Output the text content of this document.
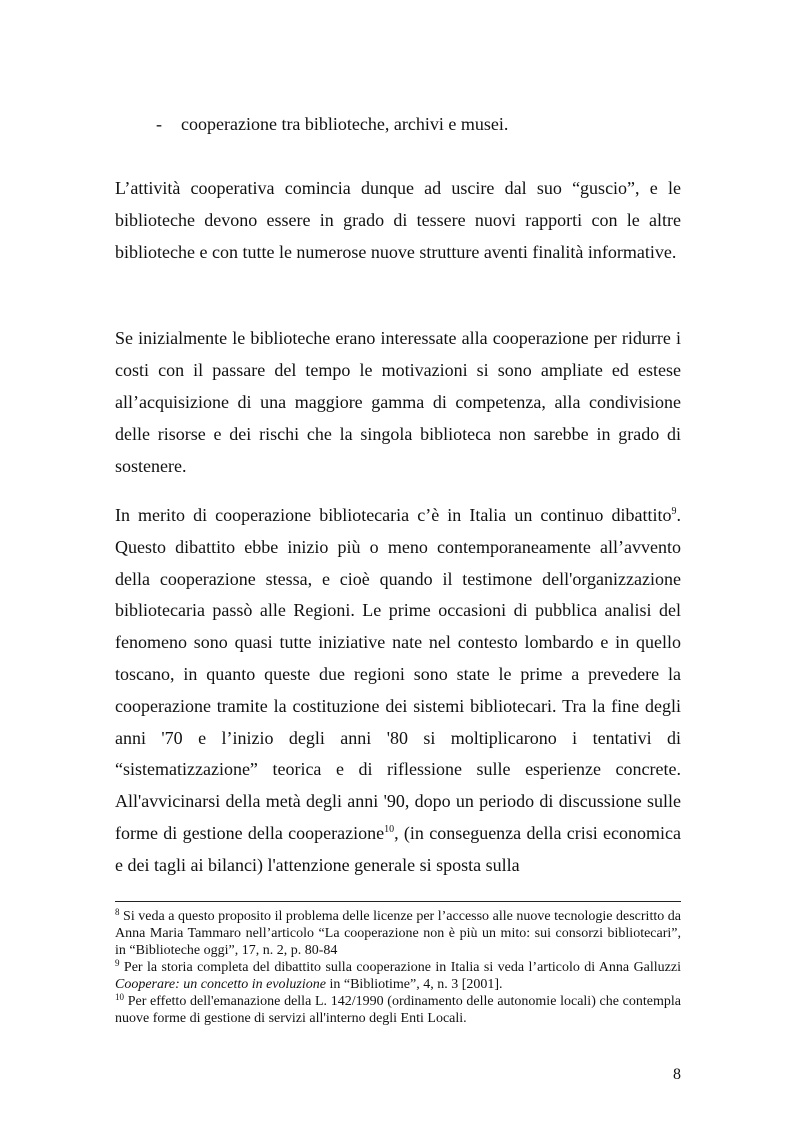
- cooperazione tra biblioteche, archivi e musei.

L’attività cooperativa comincia dunque ad uscire dal suo “guscio”, e le biblioteche devono essere in grado di tessere nuovi rapporti con le altre biblioteche e con tutte le numerose nuove strutture aventi finalità informative.

Se inizialmente le biblioteche erano interessate alla cooperazione per ridurre i costi con il passare del tempo le motivazioni si sono ampliate ed estese all’acquisizione di una maggiore gamma di competenza, alla condivisione delle risorse e dei rischi che la singola biblioteca non sarebbe in grado di sostenere.

In merito di cooperazione bibliotecaria c’è in Italia un continuo dibattito$^9$. Questo dibattito ebbe inizio più o meno contemporaneamente all’avvento della cooperazione stessa, e cioè quando il testimone dell'organizzazione bibliotecaria passò alle Regioni. Le prime occasioni di pubblica analisi del fenomeno sono quasi tutte iniziative nate nel contesto lombardo e in quello toscano, in quanto queste due regioni sono state le prime a prevedere la cooperazione tramite la costituzione dei sistemi bibliotecari. Tra la fine degli anni '70 e l’inizio degli anni '80 si moltiplicarono i tentativi di “sistematizzazione” teorica e di riflessione sulle esperienze concrete. All'avvicinarsi della metà degli anni '90, dopo un periodo di discussione sulle forme di gestione della cooperazione$^{10}$, (in conseguenza della crisi economica e dei tagli ai bilanci) l'attenzione generale si sposta sulla

$^8$ Si veda a questo proposito il problema delle licenze per l’accesso alle nuove tecnologie descritto da Anna Maria Tammaro nell’articolo “La cooperazione non è più un mito: sui consorzi bibliotecari”, in “Biblioteche oggi”, 17, n. 2, p. 80-84

$^9$ Per la storia completa del dibattito sulla cooperazione in Italia si veda l’articolo di Anna Galluzzi Cooperare: un concetto in evoluzione in “Bibliotime”, 4, n. 3 [2001].

$^{10}$ Per effetto dell'emanazione della L. 142/1990 (ordinamento delle autonomie locali) che contempla nuove forme di gestione di servizi all'interno degli Enti Locali.

8
